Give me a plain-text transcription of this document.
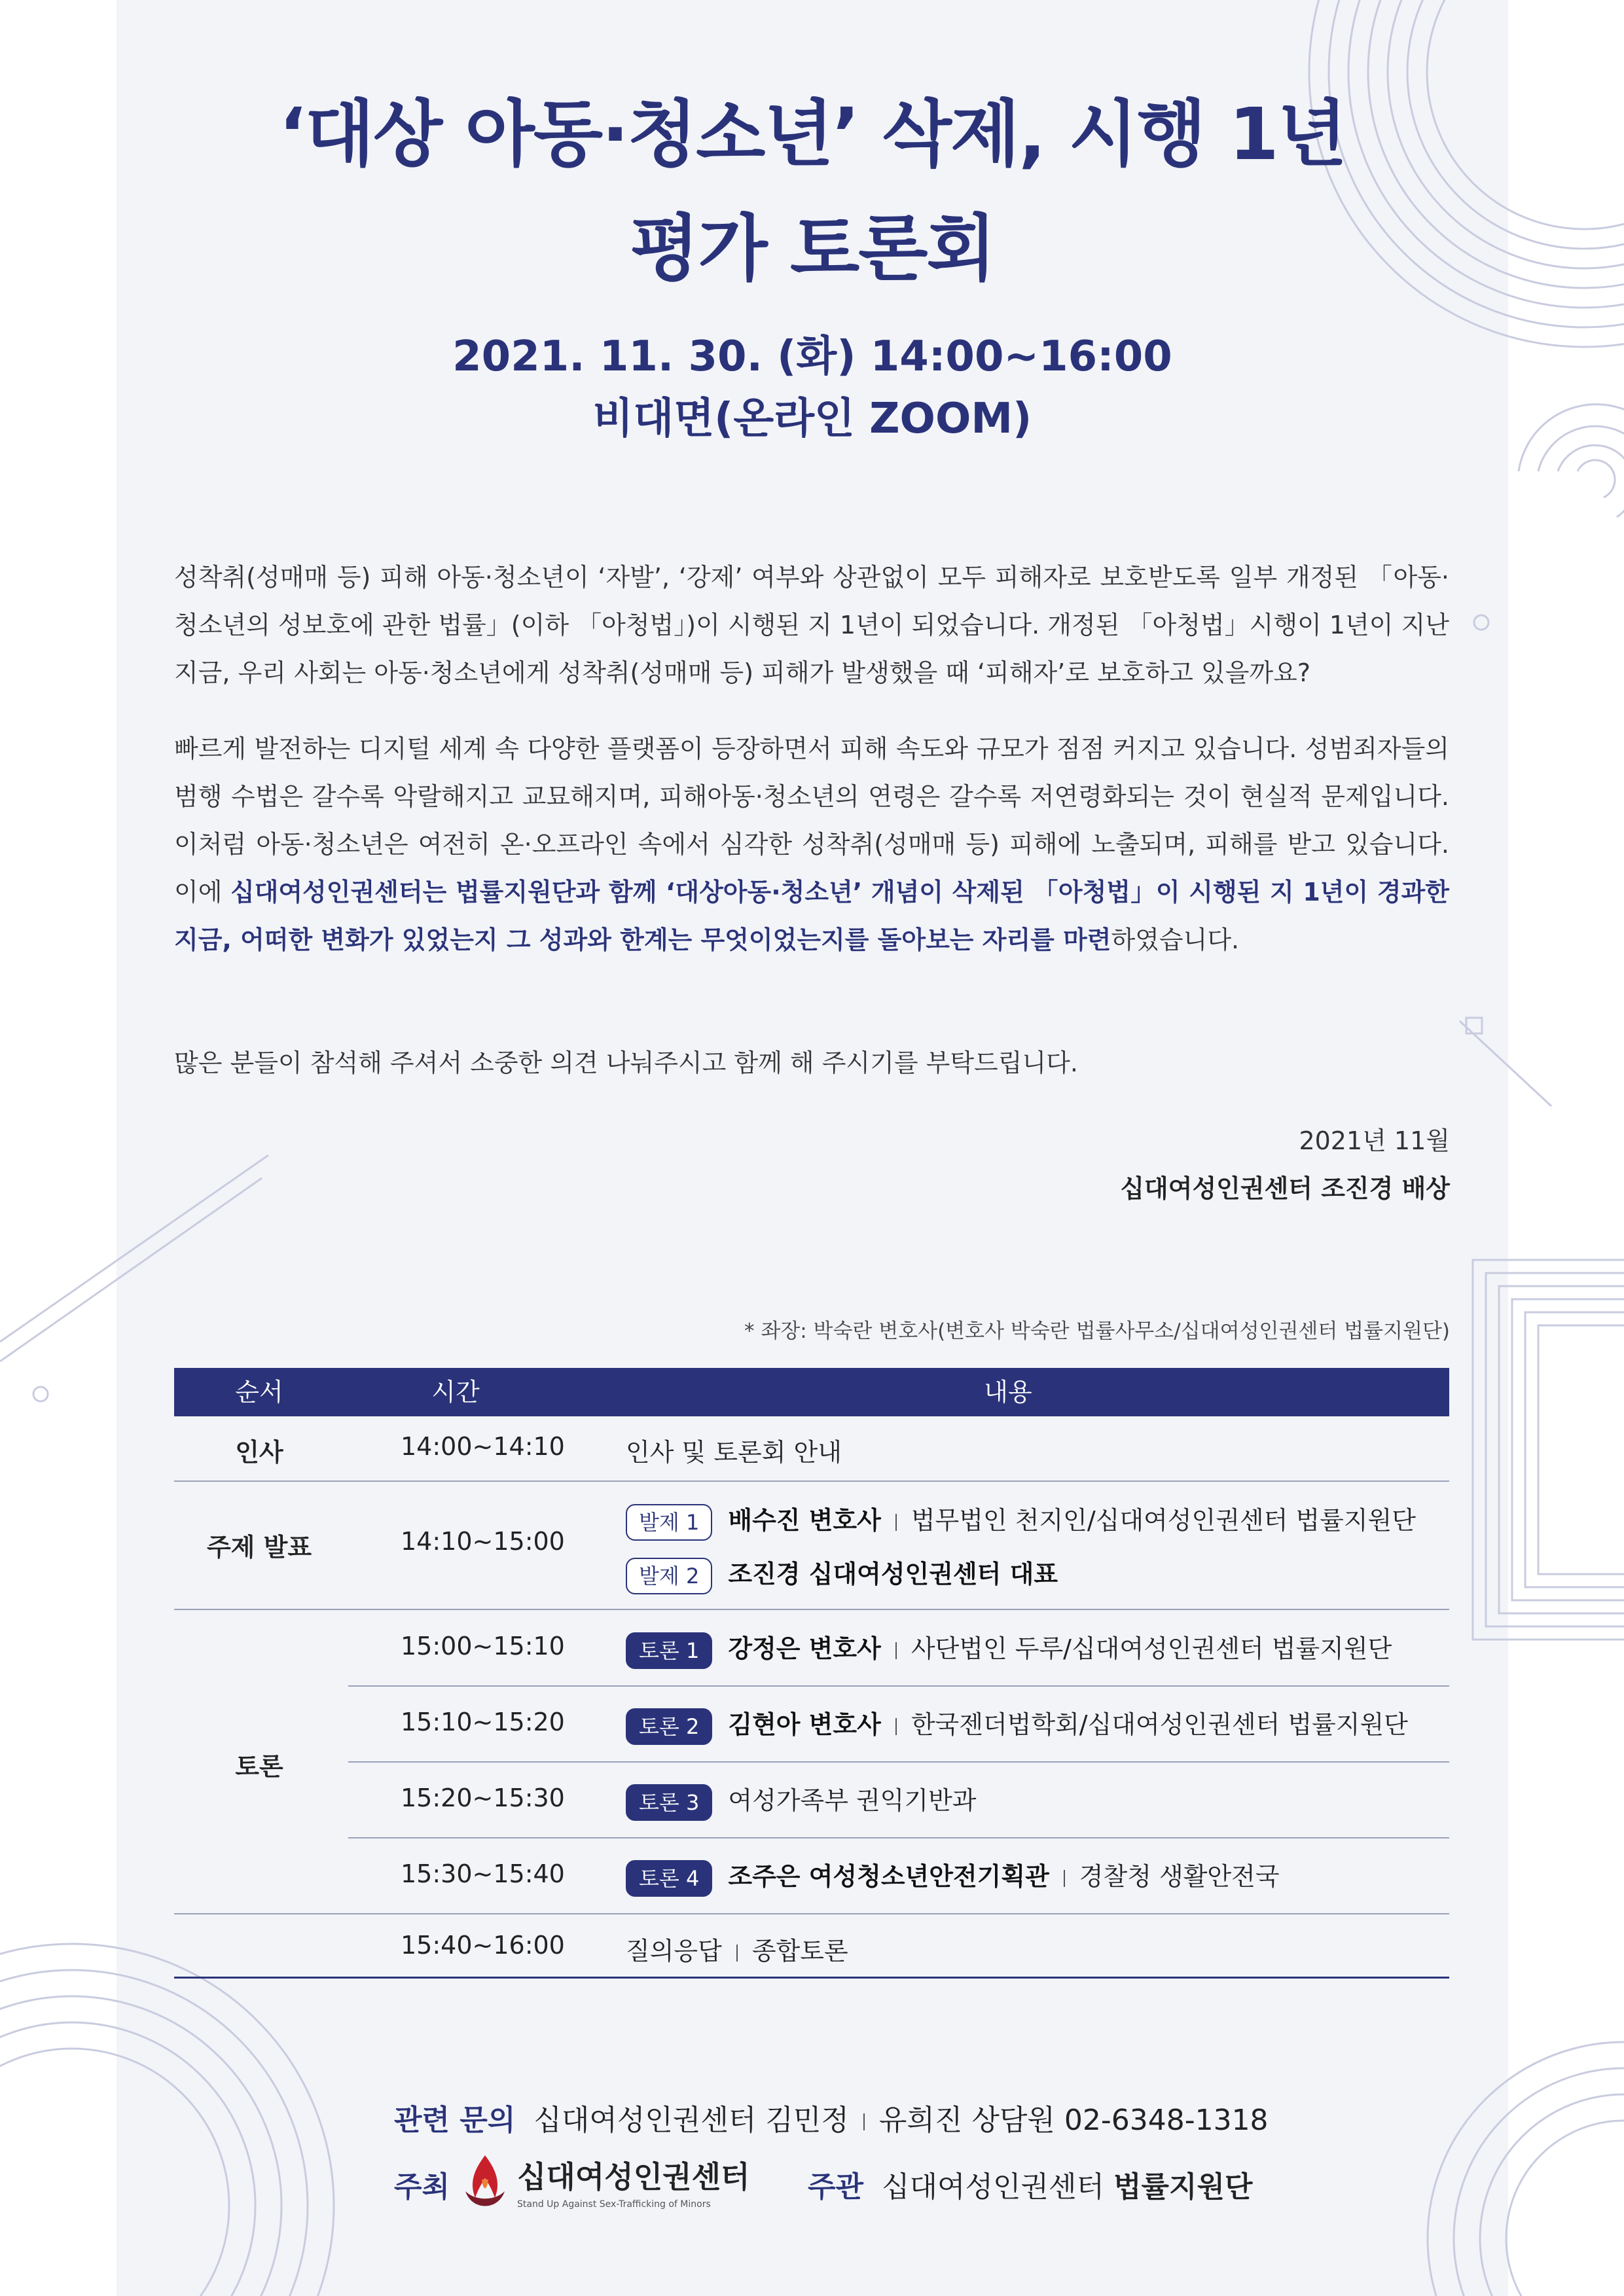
‘대상 아동·청소년’ 삭제, 시행 1년
평가 토론회
2021. 11. 30. (화) 14:00~16:00
비대면(온라인 ZOOM)
성착취(성매매 등) 피해 아동·청소년이 ‘자발’, ‘강제’ 여부와 상관없이 모두 피해자로 보호받도록 일부 개정된 「아동·청소년의 성보호에 관한 법률」(이하 「아청법」)이 시행된 지 1년이 되었습니다. 개정된 「아청법」시행이 1년이 지난 지금, 우리 사회는 아동·청소년에게 성착취(성매매 등) 피해가 발생했을 때 ‘피해자’로 보호하고 있을까요?
빠르게 발전하는 디지털 세계 속 다양한 플랫폼이 등장하면서 피해 속도와 규모가 점점 커지고 있습니다. 성범죄자들의 범행 수법은 갈수록 악랄해지고 교묘해지며, 피해아동·청소년의 연령은 갈수록 저연령화되는 것이 현실적 문제입니다. 이처럼 아동·청소년은 여전히 온·오프라인 속에서 심각한 성착취(성매매 등) 피해에 노출되며, 피해를 받고 있습니다. 이에 십대여성인권센터는 법률지원단과 함께 ‘대상아동·청소년’ 개념이 삭제된 「아청법」이 시행된 지 1년이 경과한 지금, 어떠한 변화가 있었는지 그 성과와 한계는 무엇이었는지를 돌아보는 자리를 마련하였습니다.
많은 분들이 참석해 주셔서 소중한 의견 나눠주시고 함께 해 주시기를 부탁드립니다.
2021년 11월
십대여성인권센터 조진경 배상
* 좌장: 박숙란 변호사(변호사 박숙란 법률사무소/십대여성인권센터 법률지원단)
순서	시간	내용
인사	14:00~14:10 인사 및 토론회 안내
주제 발표	14:10~15:00
발제 1 배수진 변호사 법무법인 천지인/십대여성인권센터 법률지원단
발제 2 조진경 십대여성인권센터 대표
토론
15:00~15:10	토론 1 강정은 변호사 사단법인 두루/십대여성인권센터 법률지원단
15:10~15:20	토론 2 김현아 변호사 한국젠더법학회/십대여성인권센터 법률지원단
15:20~15:30	토론 3 여성가족부 권익기반과
15:30~15:40	토론 4 조주은 여성청소년안전기획관 경찰청 생활안전국
15:40~16:00 질의응답 종합토론
관련 문의 십대여성인권센터 김민정 유희진 상담원 02-6348-1318
주최 십대여성인권센터
Stand Up Against Sex-Trafficking of Minors
주관 십대여성인권센터 법률지원단
